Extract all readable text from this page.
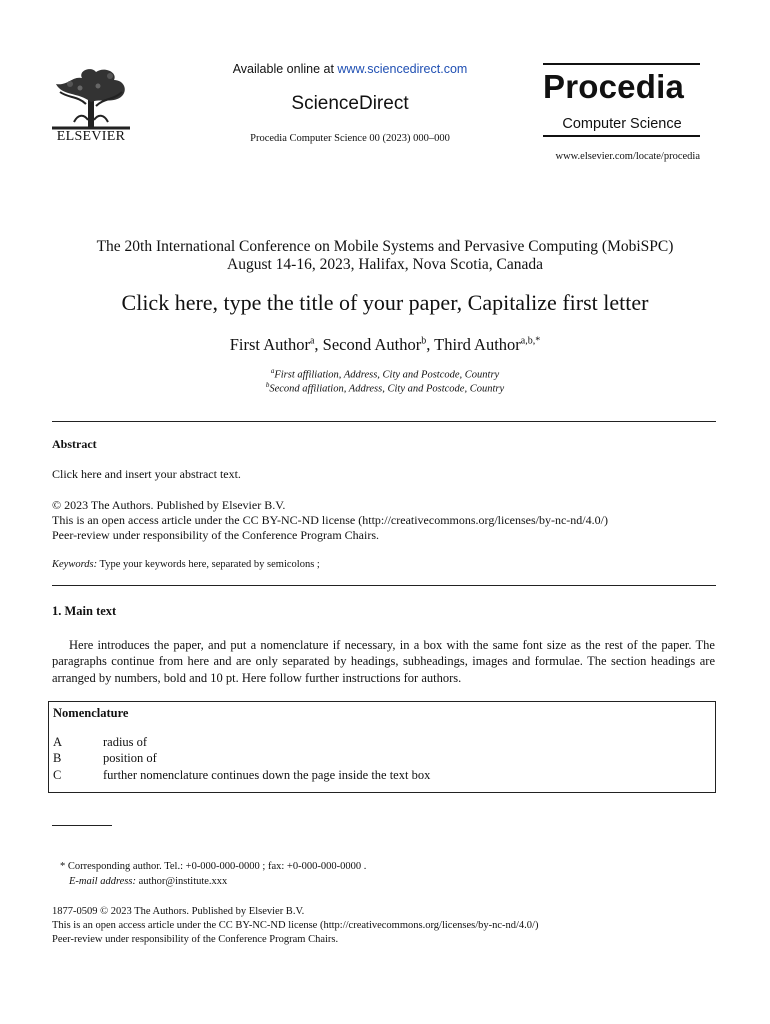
ELSEVIER
Available online at www.sciencedirect.com
ScienceDirect
Procedia Computer Science 00 (2023) 000–000
Procedia
Computer Science
www.elsevier.com/locate/procedia
The 20th International Conference on Mobile Systems and Pervasive Computing (MobiSPC)
August 14-16, 2023, Halifax, Nova Scotia, Canada
Click here, type the title of your paper, Capitalize first letter
First Author$^a$, Second Author$^b$, Third Author$^{a,b,*}$
$^a$First affiliation, Address, City and Postcode, Country
$^b$Second affiliation, Address, City and Postcode, Country
Abstract
Click here and insert your abstract text.
© 2023 The Authors. Published by Elsevier B.V.
This is an open access article under the CC BY-NC-ND license (http://creativecommons.org/licenses/by-nc-nd/4.0/)
Peer-review under responsibility of the Conference Program Chairs.
Keywords: Type your keywords here, separated by semicolons ;
1. Main text
Here introduces the paper, and put a nomenclature if necessary, in a box with the same font size as the rest of the paper. The paragraphs continue from here and are only separated by headings, subheadings, images and formulae. The section headings are arranged by numbers, bold and 10 pt. Here follow further instructions for authors.
Nomenclature
A	radius of
B	position of
C	further nomenclature continues down the page inside the text box
* Corresponding author. Tel.: +0-000-000-0000 ; fax: +0-000-000-0000 .
E-mail address: author@institute.xxx
1877-0509 © 2023 The Authors. Published by Elsevier B.V.
This is an open access article under the CC BY-NC-ND license (http://creativecommons.org/licenses/by-nc-nd/4.0/)
Peer-review under responsibility of the Conference Program Chairs.
